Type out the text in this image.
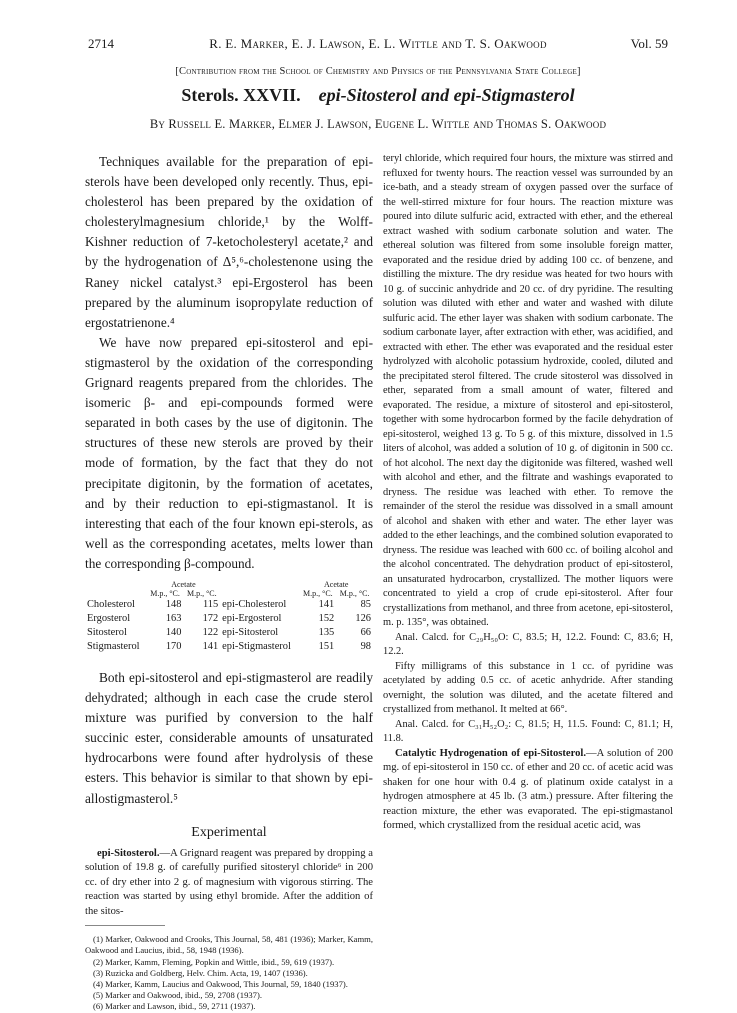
2714	R. E. Marker, E. J. Lawson, E. L. Wittle and T. S. Oakwood	Vol. 59
[Contribution from the School of Chemistry and Physics of the Pennsylvania State College]
Sterols. XXVII. epi-Sitosterol and epi-Stigmasterol
By Russell E. Marker, Elmer J. Lawson, Eugene L. Wittle and Thomas S. Oakwood

Techniques available for the preparation of epi-sterols have been developed only recently. Thus, epi-cholesterol has been prepared by the oxidation of cholesterylmagnesium chloride,¹ by the Wolff-Kishner reduction of 7-ketocholesteryl acetate,² and by the hydrogenation of Δ⁵,⁶-cholestenone using the Raney nickel catalyst.³ epi-Ergosterol has been prepared by the aluminum isopropylate reduction of ergostatrienone.⁴

We have now prepared epi-sitosterol and epi-stigmasterol by the oxidation of the corresponding Grignard reagents prepared from the chlorides. The isomeric β- and epi-compounds formed were separated in both cases by the use of digitonin. The structures of these new sterols are proved by their mode of formation, by the fact that they do not precipitate digitonin, by the formation of acetates, and by their reduction to epi-stigmastanol. It is interesting that each of the four known epi-sterols, as well as the corresponding acetates, melts lower than the corresponding β-compound.

	Acetate			Acetate	
	M.p., °C.	M.p., °C.		M.p., °C.	M.p., °C.
Cholesterol	148	115	epi-Cholesterol	141	85
Ergosterol	163	172	epi-Ergosterol	152	126
Sitosterol	140	122	epi-Sitosterol	135	66
Stigmasterol	170	141	epi-Stigmasterol	151	98

Both epi-sitosterol and epi-stigmasterol are readily dehydrated; although in each case the crude sterol mixture was purified by conversion to the half succinic ester, considerable amounts of unsaturated hydrocarbons were found after hydrolysis of these esters. This behavior is similar to that shown by epi-allostigmasterol.⁵

Experimental

epi-Sitosterol.—A Grignard reagent was prepared by dropping a solution of 19.8 g. of carefully purified sitosteryl chloride⁶ in 200 cc. of dry ether into 2 g. of magnesium with vigorous stirring. The reaction was started by using ethyl bromide. After the addition of the sitos-

(1) Marker, Oakwood and Crooks, This Journal, 58, 481 (1936); Marker, Kamm, Oakwood and Laucius, ibid., 58, 1948 (1936).

(2) Marker, Kamm, Fleming, Popkin and Wittle, ibid., 59, 619 (1937).

(3) Ruzicka and Goldberg, Helv. Chim. Acta, 19, 1407 (1936).

(4) Marker, Kamm, Laucius and Oakwood, This Journal, 59, 1840 (1937).

(5) Marker and Oakwood, ibid., 59, 2708 (1937).

(6) Marker and Lawson, ibid., 59, 2711 (1937).

teryl chloride, which required four hours, the mixture was stirred and refluxed for twenty hours. The reaction vessel was surrounded by an ice-bath, and a steady stream of oxygen passed over the surface of the well-stirred mixture for four hours. The reaction mixture was poured into dilute sulfuric acid, extracted with ether, and the ethereal extract washed with sodium carbonate solution and water. The ethereal solution was filtered from some insoluble foreign matter, evaporated and the residue dried by adding 100 cc. of benzene, and distilling the mixture. The dry residue was heated for two hours with 10 g. of succinic anhydride and 20 cc. of dry pyridine. The resulting solution was diluted with ether and water and washed with dilute sulfuric acid. The ether layer was shaken with sodium carbonate. The sodium carbonate layer, after extraction with ether, was acidified, and extracted with ether. The ether was evaporated and the residual ester hydrolyzed with alcoholic potassium hydroxide, cooled, diluted and the precipitated sterol filtered. The crude sitosterol was dissolved in ether, separated from a small amount of water, filtered and evaporated. The residue, a mixture of sitosterol and epi-sitosterol, together with some hydrocarbon formed by the facile dehydration of epi-sitosterol, weighed 13 g. To 5 g. of this mixture, dissolved in 1.5 liters of alcohol, was added a solution of 10 g. of digitonin in 500 cc. of hot alcohol. The next day the digitonide was filtered, washed well with alcohol and ether, and the filtrate and washings evaporated to dryness. The residue was leached with ether. To remove the remainder of the sterol the residue was dissolved in a small amount of alcohol and shaken with ether and water. The ether layer was added to the ether leachings, and the combined solution evaporated to dryness. The residue was leached with 600 cc. of boiling alcohol and the alcohol concentrated. The dehydration product of epi-sitosterol, an unsaturated hydrocarbon, crystallized. The mother liquors were concentrated to yield a crop of crude epi-sitosterol. After four crystallizations from methanol, and three from acetone, epi-sitosterol, m. p. 135°, was obtained.

Anal. Calcd. for C₂₉H₅₀O: C, 83.5; H, 12.2. Found: C, 83.6; H, 12.2.

Fifty milligrams of this substance in 1 cc. of pyridine was acetylated by adding 0.5 cc. of acetic anhydride. After standing overnight, the solution was diluted, and the acetate filtered and crystallized from methanol. It melted at 66°.

Anal. Calcd. for C₃₁H₅₂O₂: C, 81.5; H, 11.5. Found: C, 81.1; H, 11.8.

Catalytic Hydrogenation of epi-Sitosterol.—A solution of 200 mg. of epi-sitosterol in 150 cc. of ether and 20 cc. of acetic acid was shaken for one hour with 0.4 g. of platinum oxide catalyst in a hydrogen atmosphere at 45 lb. (3 atm.) pressure. After filtering the reaction mixture, the ether was evaporated. The epi-stigmastanol formed, which crystallized from the residual acetic acid, was
